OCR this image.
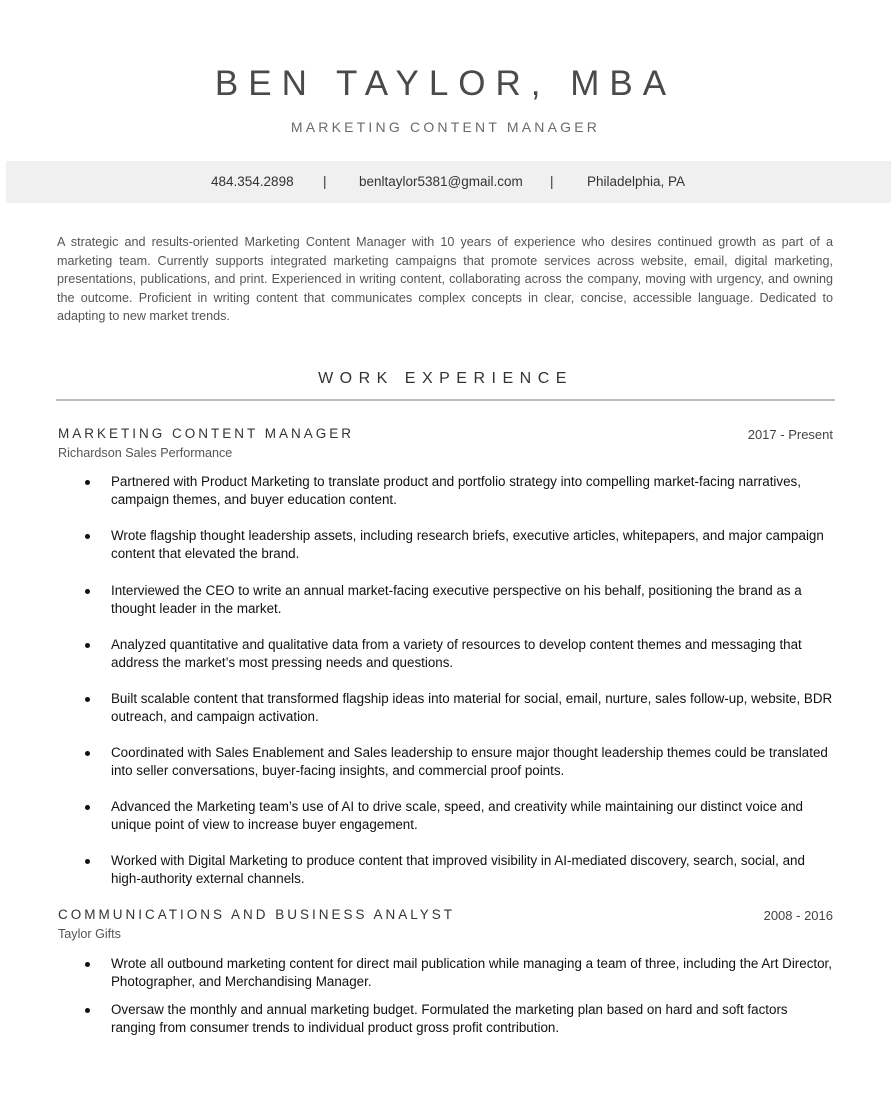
BEN TAYLOR, MBA
MARKETING CONTENT MANAGER
484.354.2898 | benltaylor5381@gmail.com | Philadelphia, PA

A strategic and results-oriented Marketing Content Manager with 10 years of experience who desires continued growth as part of a marketing team. Currently supports integrated marketing campaigns that promote services across website, email, digital marketing, presentations, publications, and print. Experienced in writing content, collaborating across the company, moving with urgency, and owning the outcome. Proficient in writing content that communicates complex concepts in clear, concise, accessible language. Dedicated to adapting to new market trends.

WORK EXPERIENCE
MARKETING CONTENT MANAGER	2017 - Present
Richardson Sales Performance
Partnered with Product Marketing to translate product and portfolio strategy into compelling market-facing narratives, campaign themes, and buyer education content.
Wrote flagship thought leadership assets, including research briefs, executive articles, whitepapers, and major campaign content that elevated the brand.
Interviewed the CEO to write an annual market-facing executive perspective on his behalf, positioning the brand as a thought leader in the market.
Analyzed quantitative and qualitative data from a variety of resources to develop content themes and messaging that address the market’s most pressing needs and questions.
Built scalable content that transformed flagship ideas into material for social, email, nurture, sales follow-up, website, BDR outreach, and campaign activation.
Coordinated with Sales Enablement and Sales leadership to ensure major thought leadership themes could be translated into seller conversations, buyer-facing insights, and commercial proof points.
Advanced the Marketing team’s use of AI to drive scale, speed, and creativity while maintaining our distinct voice and unique point of view to increase buyer engagement.
Worked with Digital Marketing to produce content that improved visibility in AI-mediated discovery, search, social, and high-authority external channels.
COMMUNICATIONS AND BUSINESS ANALYST	2008 - 2016
Taylor Gifts
Wrote all outbound marketing content for direct mail publication while managing a team of three, including the Art Director, Photographer, and Merchandising Manager.
Oversaw the monthly and annual marketing budget. Formulated the marketing plan based on hard and soft factors ranging from consumer trends to individual product gross profit contribution.
